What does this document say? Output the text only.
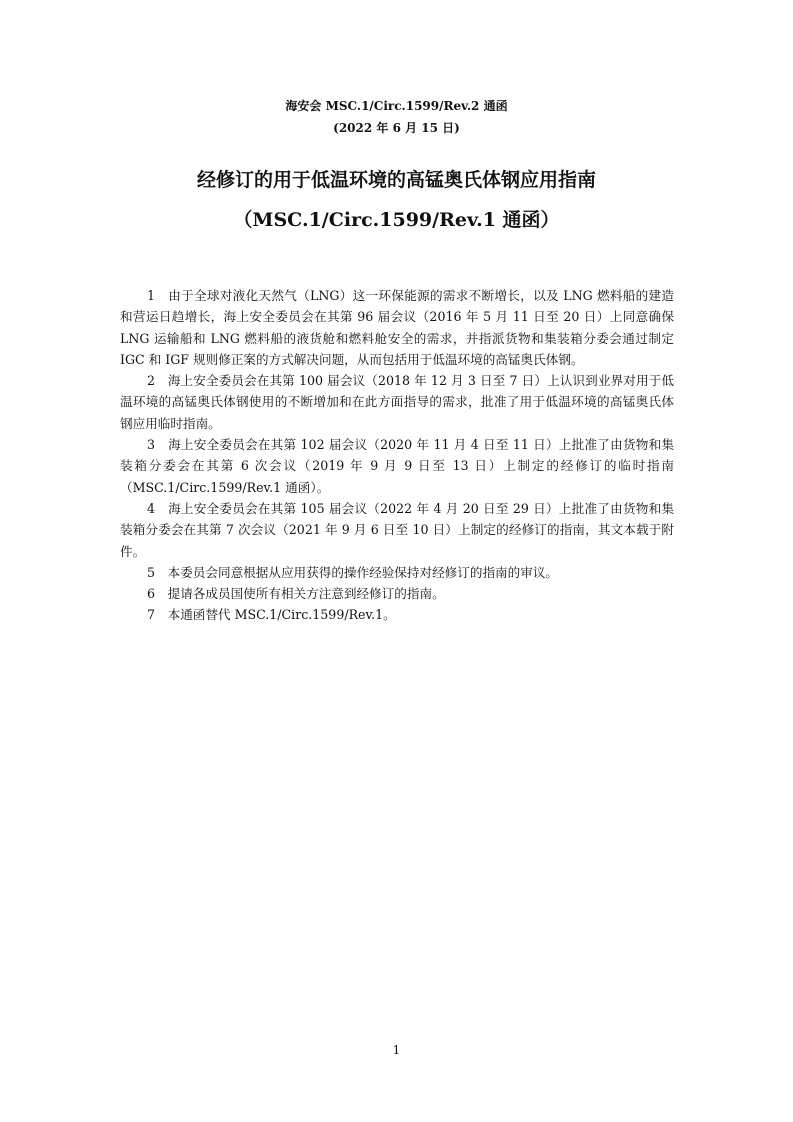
海安会 MSC.1/Circ.1599/Rev.2 通函
(2022 年 6 月 15 日)
经修订的用于低温环境的高锰奥氏体钢应用指南
（MSC.1/Circ.1599/Rev.1 通函）

1　由于全球对液化天然气（LNG）这一环保能源的需求不断增长，以及 LNG 燃料船的建造和营运日趋增长，海上安全委员会在其第 96 届会议（2016 年 5 月 11 日至 20 日）上同意确保 LNG 运输船和 LNG 燃料船的液货舱和燃料舱安全的需求，并指派货物和集装箱分委会通过制定 IGC 和 IGF 规则修正案的方式解决问题，从而包括用于低温环境的高锰奥氏体钢。

2　海上安全委员会在其第 100 届会议（2018 年 12 月 3 日至 7 日）上认识到业界对用于低温环境的高锰奥氏体钢使用的不断增加和在此方面指导的需求，批准了用于低温环境的高锰奥氏体钢应用临时指南。

3　海上安全委员会在其第 102 届会议（2020 年 11 月 4 日至 11 日）上批准了由货物和集装箱分委会在其第 6 次会议（2019 年 9 月 9 日至 13 日）上制定的经修订的临时指南（MSC.1/Circ.1599/Rev.1 通函）。

4　海上安全委员会在其第 105 届会议（2022 年 4 月 20 日至 29 日）上批准了由货物和集装箱分委会在其第 7 次会议（2021 年 9 月 6 日至 10 日）上制定的经修订的指南，其文本载于附件。

5　本委员会同意根据从应用获得的操作经验保持对经修订的指南的审议。

6　提请各成员国使所有相关方注意到经修订的指南。

7　本通函替代 MSC.1/Circ.1599/Rev.1。

1
